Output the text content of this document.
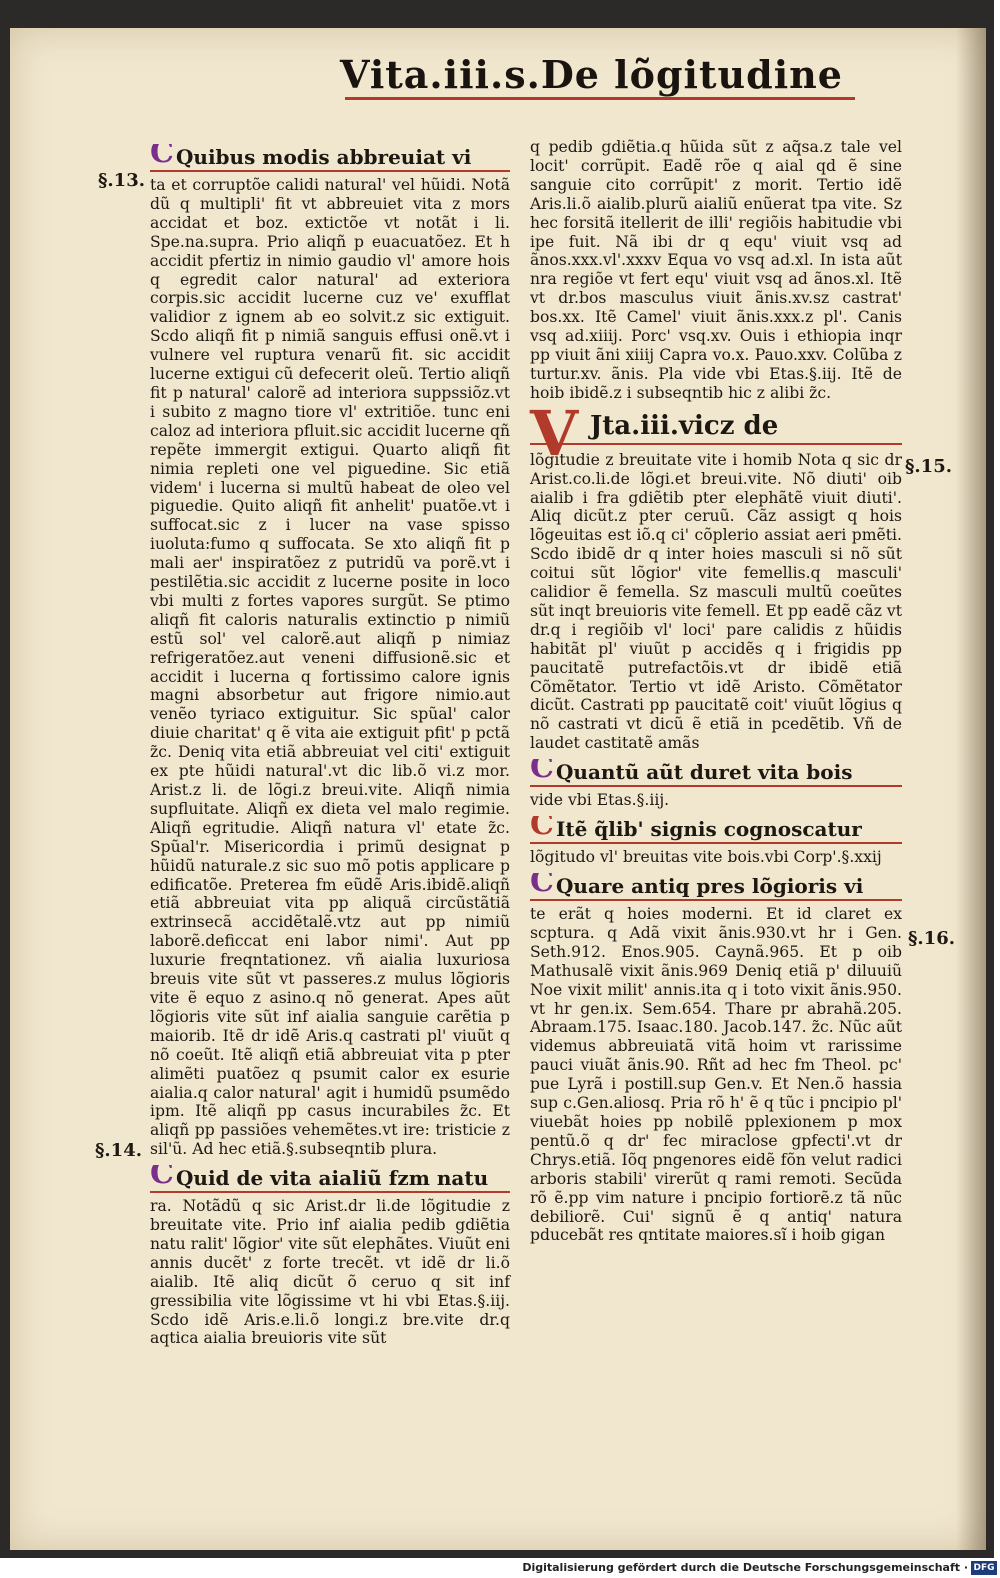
Vita.iii.s.De lõgitudine
§.13.
§.14.
§.15.
§.16.
C Quibus modis abbreuiat vi

ta et corruptõe calidi natural' vel hũidi. Notã dũ q multipli' fit vt abbreuiet vita z mors accidat et boz. extictõe vt notãt i li. Spe.na.supra. Prio aliqñ p euacuatõez. Et h accidit pfertiz in nimio gaudio vl' amore hois q egredit calor natural' ad exteriora corpis.sic accidit lucerne cuz ve' exufflat validior z ignem ab eo solvit.z sic extiguit. Scdo aliqñ fit p nimiã sanguis effusi onẽ.vt i vulnere vel ruptura venarũ fit. sic accidit lucerne extigui cũ defecerit oleũ. Tertio aliqñ fit p natural' calorẽ ad interiora suppssiõz.vt i subito z magno tiore vl' extritiõe. tunc eni caloz ad interiora pfluit.sic accidit lucerne qñ repẽte immergit extigui. Quarto aliqñ fit nimia repleti one vel piguedine. Sic etiã videm' i lucerna si multũ habeat de oleo vel piguedie. Quito aliqñ fit anhelit' puatõe.vt i suffocat.sic z i lucer na vase spisso iuoluta:fumo q suffocata. Se xto aliqñ fit p mali aer' inspiratõez z putridũ va porẽ.vt i pestilẽtia.sic accidit z lucerne posite in loco vbi multi z fortes vapores surgũt. Se ptimo aliqñ fit caloris naturalis extinctio p nimiũ estũ sol' vel calorẽ.aut aliqñ p nimiaz refrigeratõez.aut veneni diffusionẽ.sic et accidit i lucerna q fortissimo calore ignis magni absorbetur aut frigore nimio.aut venẽo tyriaco extiguitur. Sic spũal' calor diuie charitat' q ẽ vita aie extiguit pfit' p pctã z̃c. Deniq vita etiã abbreuiat vel citi' extiguit ex pte hũidi natural'.vt dic lib.õ vi.z mor. Arist.z li. de lõgi.z breui.vite. Aliqñ nimia supfluitate. Aliqñ ex dieta vel malo regimie. Aliqñ egritudie. Aliqñ natura vl' etate z̃c. Spũal'r. Misericordia i primũ designat p hũidũ naturale.z sic suo mõ potis applicare p edificatõe. Preterea fm eũdẽ Aris.ibidẽ.aliqñ etiã abbreuiat vita pp aliquã circũstãtiã extrinsecã accidẽtalẽ.vtz aut pp nimiũ laborẽ.deficcat eni labor nimi'. Aut pp luxurie freqntationez. vñ aialia luxuriosa breuis vite sũt vt passeres.z mulus lõgioris vite ẽ equo z asino.q nõ generat. Apes aũt lõgioris vite sũt inf aialia sanguie carẽtia p maiorib. Itẽ dr idẽ Aris.q castrati pl' viuũt q nõ coeũt. Itẽ aliqñ etiã abbreuiat vita p pter alimẽti puatõez q psumit calor ex esurie aialia.q calor natural' agit i humidũ psumẽdo ipm. Itẽ aliqñ pp casus incurabiles z̃c. Et aliqñ pp passiões vehemẽtes.vt ire: tristicie z sil'ũ. Ad hec etiã.§.subseqntib plura.

C Quid de vita aialiũ fzm natu

ra. Notãdũ q sic Arist.dr li.de lõgitudie z breuitate vite. Prio inf aialia pedib gdiẽtia natu ralit' lõgior' vite sũt elephãtes. Viuũt eni annis ducẽt' z forte trecẽt. vt idẽ dr li.õ aialib. Itẽ aliq dicũt õ ceruo q sit inf gressibilia vite lõgissime vt hi vbi Etas.§.iij. Scdo idẽ Aris.e.li.õ longi.z bre.vite dr.q aqtica aialia breuioris vite sũt

q pedib gdiẽtia.q hũida sũt z aq̃sa.z tale vel locit' corrũpit. Eadẽ rõe q aial qd ẽ sine sanguie cito corrũpit' z morit. Tertio idẽ Aris.li.õ aialib.plurũ aialiũ enũerat tpa vite. Sz hec forsitã itellerit de illi' regiõis habitudie vbi ipe fuit. Nã ibi dr q equ' viuit vsq ad ãnos.xxx.vl'.xxxv Equa vo vsq ad.xl. In ista aũt nra regiõe vt fert equ' viuit vsq ad ãnos.xl. Itẽ vt dr.bos masculus viuit ãnis.xv.sz castrat' bos.xx. Itẽ Camel' viuit ãnis.xxx.z pl'. Canis vsq ad.xiiij. Porc' vsq.xv. Ouis i ethiopia inqr pp viuit ãni xiiij Capra vo.x. Pauo.xxv. Colũba z turtur.xv. ãnis. Pla vide vbi Etas.§.iij. Itẽ de hoib ibidẽ.z i subseqntib hic z alibi z̃c.

V Jta.iii.vicz de

lõgitudie z breuitate vite i homib Nota q sic dr Arist.co.li.de lõgi.et breui.vite. Nõ diuti' oib aialib i fra gdiẽtib pter elephãtẽ viuit diuti'. Aliq dicũt.z pter ceruũ. Cãz assigt q hois lõgeuitas est iõ.q ci' cõplerio assiat aeri pmẽti. Scdo ibidẽ dr q inter hoies masculi si nõ sũt coitui sũt lõgior' vite femellis.q masculi' calidior ẽ femella. Sz masculi multũ coeũtes sũt inqt breuioris vite femell. Et pp eadẽ cãz vt dr.q i regiõib vl' loci' pare calidis z hũidis habitãt pl' viuũt p accidẽs q i frigidis pp paucitatẽ putrefactõis.vt dr ibidẽ etiã Cõmẽtator. Tertio vt idẽ Aristo. Cõmẽtator dicũt. Castrati pp paucitatẽ coit' viuũt lõgius q nõ castrati vt dicũ ẽ etiã in pcedẽtib. Vñ de laudet castitatẽ amãs

C Quantũ aũt duret vita bois

vide vbi Etas.§.iij.

C Itẽ q̃lib' signis cognoscatur

lõgitudo vl' breuitas vite bois.vbi Corp'.§.xxij

C Quare antiq pres lõgioris vi

te erãt q hoies moderni. Et id claret ex scptura. q Adã vixit ãnis.930.vt hr i Gen. Seth.912. Enos.905. Caynã.965. Et p oib Mathusalẽ vixit ãnis.969 Deniq etiã p' diluuiũ Noe vixit milit' annis.ita q i toto vixit ãnis.950. vt hr gen.ix. Sem.654. Thare pr abrahã.205. Abraam.175. Isaac.180. Jacob.147. z̃c. Nũc aũt videmus abbreuiatã vitã hoim vt rarissime pauci viuãt ãnis.90. Rñt ad hec fm Theol. pc' pue Lyrã i postill.sup Gen.v. Et Nen.õ hassia sup c.Gen.aliosq. Pria rõ h' ẽ q tũc i pncipio pl' viuebãt hoies pp nobilẽ pplexionem p mox pentũ.õ q dr' fec miraclose gpfecti'.vt dr Chrys.etiã. Iõq pngenores eidẽ fõn velut radici arboris stabili' virerũt q rami remoti. Secũda rõ ẽ.pp vim nature i pncipio fortiorẽ.z tã nũc debiliorẽ. Cui' signũ ẽ q antiq' natura pducebãt res qntitate maiores.sĩ i hoib gigan

Digitalisierung gefördert durch die Deutsche Forschungsgemeinschaft · DFG
